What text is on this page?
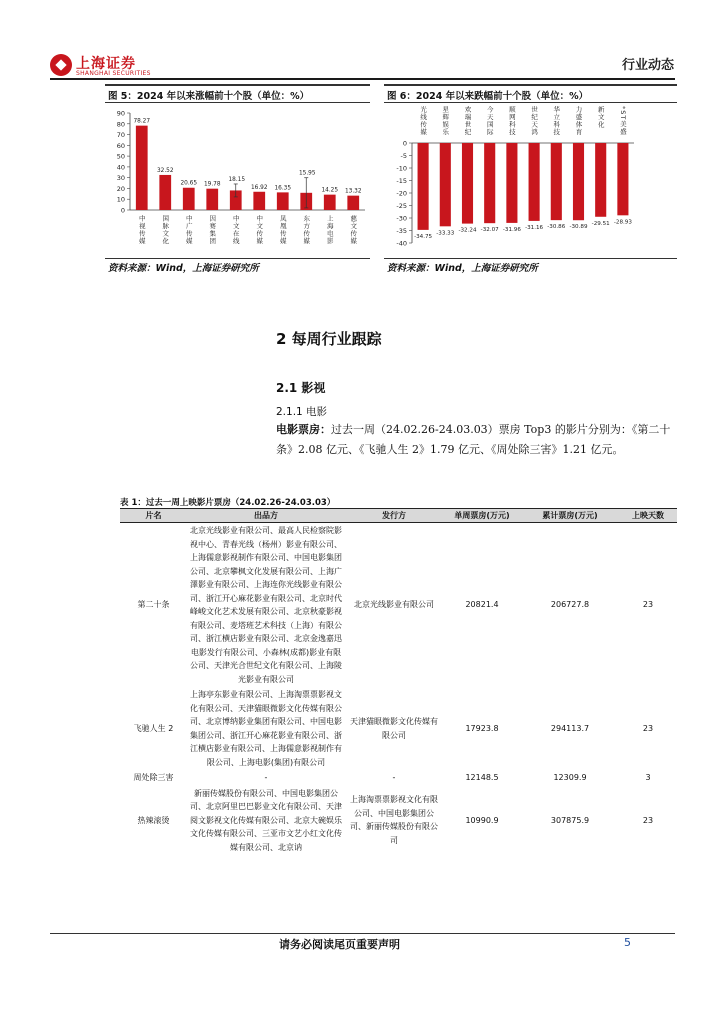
上海证券
SHANGHAI SECURITIES
行业动态
图 5：2024 年以来涨幅前十个股（单位：%）
0
10
20
30
40
50
60
70
80
90
78.27
32.52
20.65 19.78
18.15
16.92 16.35
15.95
14.25 13.32
中视传媒 国脉文化 中广传媒 因赛集团 中文在线 中文传媒 凤凰传媒 东方传媒 上海电影 慈文传媒
资料来源：Wind，上海证券研究所
图 6：2024 年以来跌幅前十个股（单位：%）
光线传媒 星辉娱乐 欢瑞世纪 今天国际 顺网科技 世纪天鸿 华立科技 力盛体育 新文化 *ST美盛
0
-5
-10
-15
-20
-25
-30
-35
-40
-34.75
-33.33 -32.24 -32.07 -31.96 -31.16 -30.86 -30.89
-29.51 -28.93
资料来源：Wind，上海证券研究所
2 每周行业跟踪
2.1 影视
2.1.1 电影
电影票房：过去一周（24.02.26-24.03.03）票房 Top3 的影片分别为：《第二十条》2.08 亿元、《飞驰人生 2》1.79 亿元、《周处除三害》1.21 亿元。
表 1：过去一周上映影片票房（24.02.26-24.03.03）
片名	出品方	发行方	单周票房(万元)	累计票房(万元)	上映天数
第二十条	北京光线影业有限公司、最高人民检察院影视中心、青春光线（杨州）影业有限公司、上海儒意影视制作有限公司、中国电影集团公司、北京攀枫文化发展有限公司、上海广澤影业有限公司、上海连你光线影业有限公司、浙江开心麻花影业有限公司、北京时代峰峻文化艺术发展有限公司、北京秋豪影视有限公司、麦塔班艺术科技（上海）有限公司、浙江横店影业有限公司、北京金逸嘉迅电影发行有限公司、小森林(成都)影业有限公司、天津光合世纪文化有限公司、上海陵光影业有限公司	北京光线影业有限公司	20821.4	206727.8	23
飞驰人生 2	上海亭东影业有限公司、上海淘票票影视文化有限公司、天津猫眼微影文化传媒有限公司、北京博纳影业集团有限公司、中国电影集团公司、浙江开心麻花影业有限公司、浙江横店影业有限公司、上海儒意影视制作有限公司、上海电影(集团)有限公司	天津猫眼微影文化传媒有限公司	17923.8	294113.7	23
周处除三害	-	-	12148.5	12309.9	3
热辣滚烫	新丽传媒股份有限公司、中国电影集团公司、北京阿里巴巴影业文化有限公司、天津阅文影视文化传媒有限公司、北京大碗娱乐文化传媒有限公司、三亚市文艺小红文化传媒有限公司、北京讷	上海淘票票影视文化有限公司、中国电影集团公司、新丽传媒股份有限公司	10990.9	307875.9	23
请务必阅读尾页重要声明	5
